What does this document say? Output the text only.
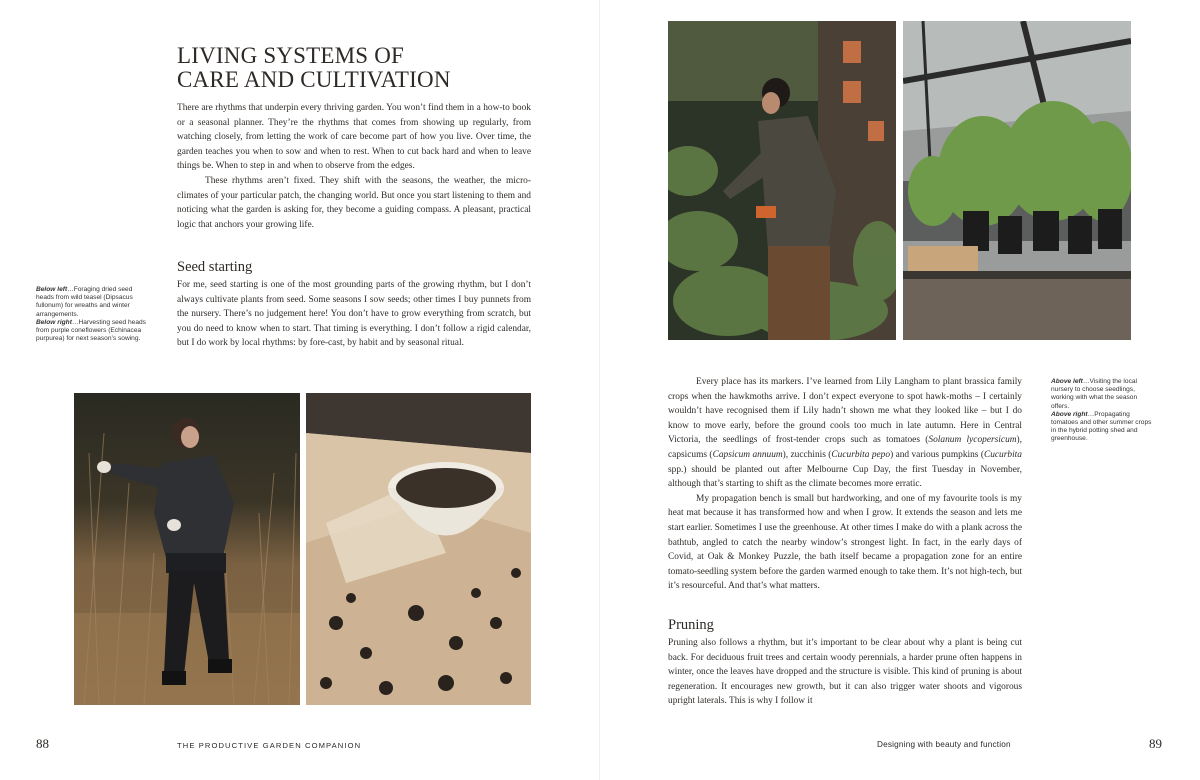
LIVING SYSTEMS OF
CARE AND CULTIVATION

There are rhythms that underpin every thriving garden. You won’t find them in a how-to book or a seasonal planner. They’re the rhythms that comes from showing up regularly, from watching closely, from letting the work of care become part of how you live. Over time, the garden teaches you when to sow and when to rest. When to cut back hard and when to leave things be. When to step in and when to observe from the edges.

These rhythms aren’t fixed. They shift with the seasons, the weather, the micro-climates of your particular patch, the changing world. But once you start listening to them and noticing what the garden is asking for, they become a guiding compass. A pleasant, practical logic that anchors your growing life.

Seed starting

For me, seed starting is one of the most grounding parts of the growing rhythm, but I don’t always cultivate plants from seed. Some seasons I sow seeds; other times I buy punnets from the nursery. There’s no judgement here! You don’t have to grow everything from scratch, but you do need to know when to start. That timing is everything. I don’t follow a rigid calendar, but I do work by local rhythms: by fore-cast, by habit and by seasonal ritual.

Below left…Foraging dried seed heads from wild teasel (Dipsacus fullonum) for wreaths and winter arrangements.

Below right…Harvesting seed heads from purple coneflowers (Echinacea purpurea) for next season’s sowing.

88	THE PRODUCTIVE GARDEN COMPANION

Above left…Visiting the local nursery to choose seedlings, working with what the season offers.

Above right…Propagating tomatoes and other summer crops in the hybrid potting shed and greenhouse.

Every place has its markers. I’ve learned from Lily Langham to plant brassica family crops when the hawkmoths arrive. I don’t expect everyone to spot hawk-moths – I certainly wouldn’t have recognised them if Lily hadn’t shown me what they looked like – but I do know to move early, before the ground cools too much in late autumn. Here in Central Victoria, the seedlings of frost-tender crops such as tomatoes (Solanum lycopersicum), capsicums (Capsicum annuum), zucchinis (Cucurbita pepo) and various pumpkins (Cucurbita spp.) should be planted out after Melbourne Cup Day, the first Tuesday in November, although that’s starting to shift as the climate becomes more erratic.

My propagation bench is small but hardworking, and one of my favourite tools is my heat mat because it has transformed how and when I grow. It extends the season and lets me start earlier. Sometimes I use the greenhouse. At other times I make do with a plank across the bathtub, angled to catch the nearby window’s strongest light. In fact, in the early days of Covid, at Oak & Monkey Puzzle, the bath itself became a propagation zone for an entire tomato-seedling system before the garden warmed enough to take them. It’s not high-tech, but it’s resourceful. And that’s what matters.

Pruning

Pruning also follows a rhythm, but it’s important to be clear about why a plant is being cut back. For deciduous fruit trees and certain woody perennials, a harder prune often happens in winter, once the leaves have dropped and the structure is visible. This kind of pruning is about regeneration. It encourages new growth, but it can also trigger water shoots and vigorous upright laterals. This is why I follow it

Designing with beauty and function	89
